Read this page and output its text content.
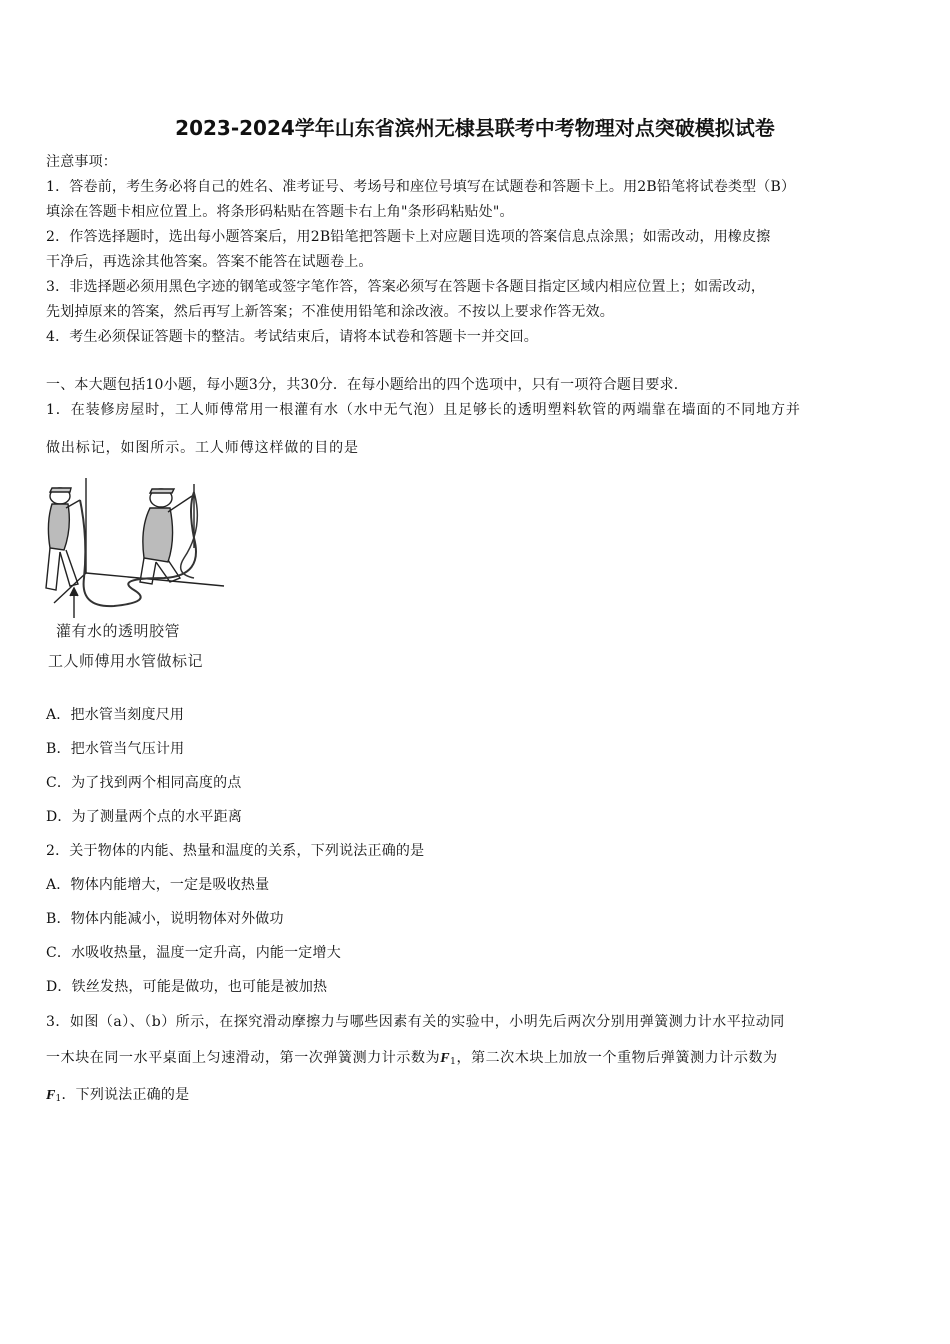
2023-2024学年山东省滨州无棣县联考中考物理对点突破模拟试卷

注意事项：

1．答卷前，考生务必将自己的姓名、准考证号、考场号和座位号填写在试题卷和答题卡上。用2B铅笔将试卷类型（B）

填涂在答题卡相应位置上。将条形码粘贴在答题卡右上角"条形码粘贴处"。

2．作答选择题时，选出每小题答案后，用2B铅笔把答题卡上对应题目选项的答案信息点涂黑；如需改动，用橡皮擦

干净后，再选涂其他答案。答案不能答在试题卷上。

3．非选择题必须用黑色字迹的钢笔或签字笔作答，答案必须写在答题卡各题目指定区域内相应位置上；如需改动，

先划掉原来的答案，然后再写上新答案；不准使用铅笔和涂改液。不按以上要求作答无效。

4．考生必须保证答题卡的整洁。考试结束后，请将本试卷和答题卡一并交回。

一、本大题包括10小题，每小题3分，共30分．在每小题给出的四个选项中，只有一项符合题目要求．

1．在装修房屋时，工人师傅常用一根灌有水（水中无气泡）且足够长的透明塑料软管的两端靠在墙面的不同地方并

做出标记，如图所示。工人师傅这样做的目的是

灌有水的透明胶管
工人师傅用水管做标记

A．把水管当刻度尺用

B．把水管当气压计用

C．为了找到两个相同高度的点

D．为了测量两个点的水平距离

2．关于物体的内能、热量和温度的关系，下列说法正确的是

A．物体内能增大，一定是吸收热量

B．物体内能减小，说明物体对外做功

C．水吸收热量，温度一定升高，内能一定增大

D．铁丝发热，可能是做功，也可能是被加热

3．如图（a）、（b）所示，在探究滑动摩擦力与哪些因素有关的实验中，小明先后两次分别用弹簧测力计水平拉动同

一木块在同一水平桌面上匀速滑动，第一次弹簧测力计示数为$F_1$，第二次木块上加放一个重物后弹簧测力计示数为

$F_1$．下列说法正确的是
